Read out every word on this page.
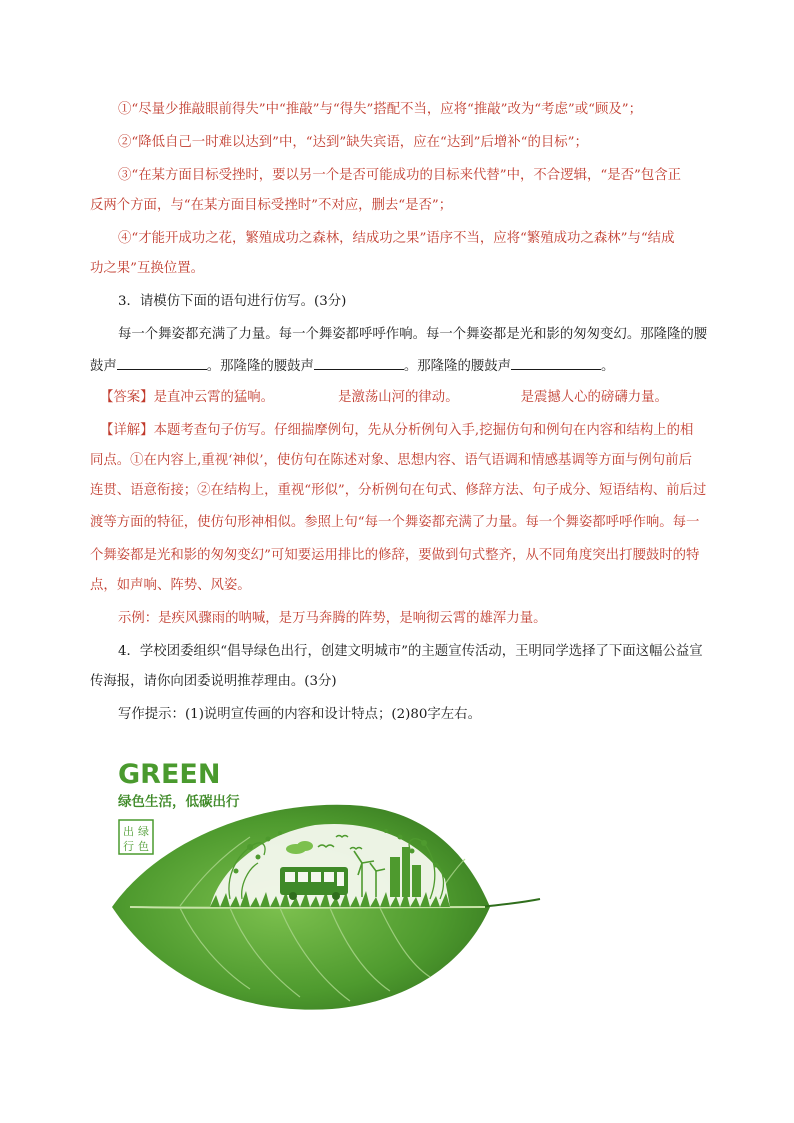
①“尽量少推敲眼前得失”中“推敲”与“得失”搭配不当，应将“推敲”改为“考虑”或“顾及”；

②“降低自己一时难以达到”中，“达到”缺失宾语，应在“达到”后增补“的目标”；

③“在某方面目标受挫时，要以另一个是否可能成功的目标来代替”中，不合逻辑，“是否”包含正

反两个方面，与“在某方面目标受挫时”不对应，删去“是否”；

④“才能开成功之花，繁殖成功之森林，结成功之果”语序不当，应将“繁殖成功之森林”与“结成

功之果”互换位置。

3．请模仿下面的语句进行仿写。(3分)

每一个舞姿都充满了力量。每一个舞姿都呼呼作响。每一个舞姿都是光和影的匆匆变幻。那隆隆的腰

鼓声	。那隆隆的腰鼓声	。那隆隆的腰鼓声	。

【答案】是直冲云霄的猛响。	是激荡山河的律动。	是震撼人心的磅礴力量。

【详解】本题考查句子仿写。仔细揣摩例句，先从分析例句入手,挖掘仿句和例句在内容和结构上的相

同点。①在内容上,重视‘神似’，使仿句在陈述对象、思想内容、语气语调和情感基调等方面与例句前后

连贯、语意衔接；②在结构上，重视“形似”，分析例句在句式、修辞方法、句子成分、短语结构、前后过

渡等方面的特征，使仿句形神相似。参照上句“每一个舞姿都充满了力量。每一个舞姿都呼呼作响。每一

个舞姿都是光和影的匆匆变幻”可知要运用排比的修辞，要做到句式整齐，从不同角度突出打腰鼓时的特

点，如声响、阵势、风姿。

示例：是疾风骤雨的呐喊，是万马奔腾的阵势，是响彻云霄的雄浑力量。

4．学校团委组织“倡导绿色出行，创建文明城市”的主题宣传活动，王明同学选择了下面这幅公益宣

传海报，请你向团委说明推荐理由。(3分)

写作提示：(1)说明宣传画的内容和设计特点；(2)80字左右。

GREEN
绿色生活，低碳出行
出 绿
行 色
